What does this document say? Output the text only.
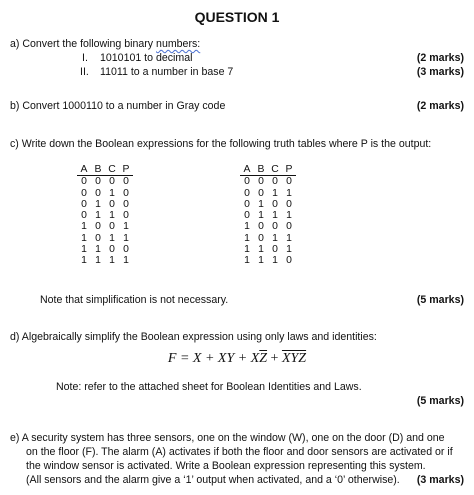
QUESTION 1
a) Convert the following binary numbers:
I. 1010101 to decimal	(2 marks)
II. 11011 to a number in base 7	(3 marks)
b) Convert 1000110 to a number in Gray code	(2 marks)
c) Write down the Boolean expressions for the following truth tables where P is the output:
A	B	C	P
0	0	0	0
0	0	1	0
0	1	0	0
0	1	1	0
1	0	0	1
1	0	1	1
1	1	0	0
1	1	1	1
A	B	C	P
0	0	0	0
0	0	1	1
0	1	0	0
0	1	1	1
1	0	0	0
1	0	1	1
1	1	0	1
1	1	1	0
Note that simplification is not necessary.	(5 marks)
d) Algebraically simplify the Boolean expression using only laws and identities:
F = X + XY + $X\overline{Z} + \overline{XYZ}$
Note: refer to the attached sheet for Boolean Identities and Laws.
(5 marks)
e) A security system has three sensors, one on the window (W), one on the door (D) and one
on the floor (F). The alarm (A) activates if both the floor and door sensors are activated or if
the window sensor is activated. Write a Boolean expression representing this system.
(All sensors and the alarm give a ‘1’ output when activated, and a ‘0’ otherwise). (3 marks)
